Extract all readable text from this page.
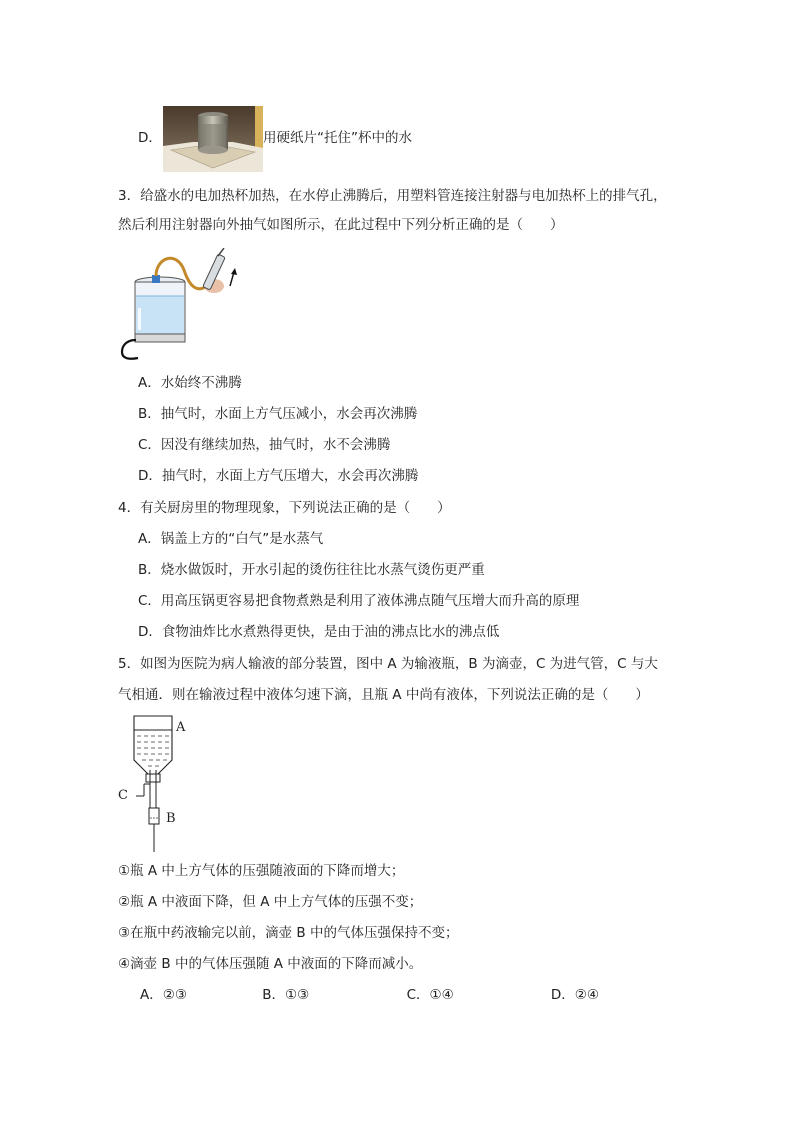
D．	用硬纸片“托住”杯中的水
3．给盛水的电加热杯加热，在水停止沸腾后，用塑料管连接注射器与电加热杯上的排气孔，
然后利用注射器向外抽气如图所示，在此过程中下列分析正确的是（　　）
A．水始终不沸腾
B．抽气时，水面上方气压减小，水会再次沸腾
C．因没有继续加热，抽气时，水不会沸腾
D．抽气时，水面上方气压增大，水会再次沸腾
4．有关厨房里的物理现象，下列说法正确的是（　　）
A．锅盖上方的“白气”是水蒸气
B．烧水做饭时，开水引起的烫伤往往比水蒸气烫伤更严重
C．用高压锅更容易把食物煮熟是利用了液体沸点随气压增大而升高的原理
D．食物油炸比水煮熟得更快，是由于油的沸点比水的沸点低
5．如图为医院为病人输液的部分装置，图中 A 为输液瓶，B 为滴壶，C 为进气管，C 与大
气相通．则在输液过程中液体匀速下滴，且瓶 A 中尚有液体，下列说法正确的是（　　）
A
B
C
①瓶 A 中上方气体的压强随液面的下降而增大；
②瓶 A 中液面下降，但 A 中上方气体的压强不变；
③在瓶中药液输完以前，滴壶 B 中的气体压强保持不变；
④滴壶 B 中的气体压强随 A 中液面的下降而减小。
A．②③	B．①③	C．①④	D．②④
